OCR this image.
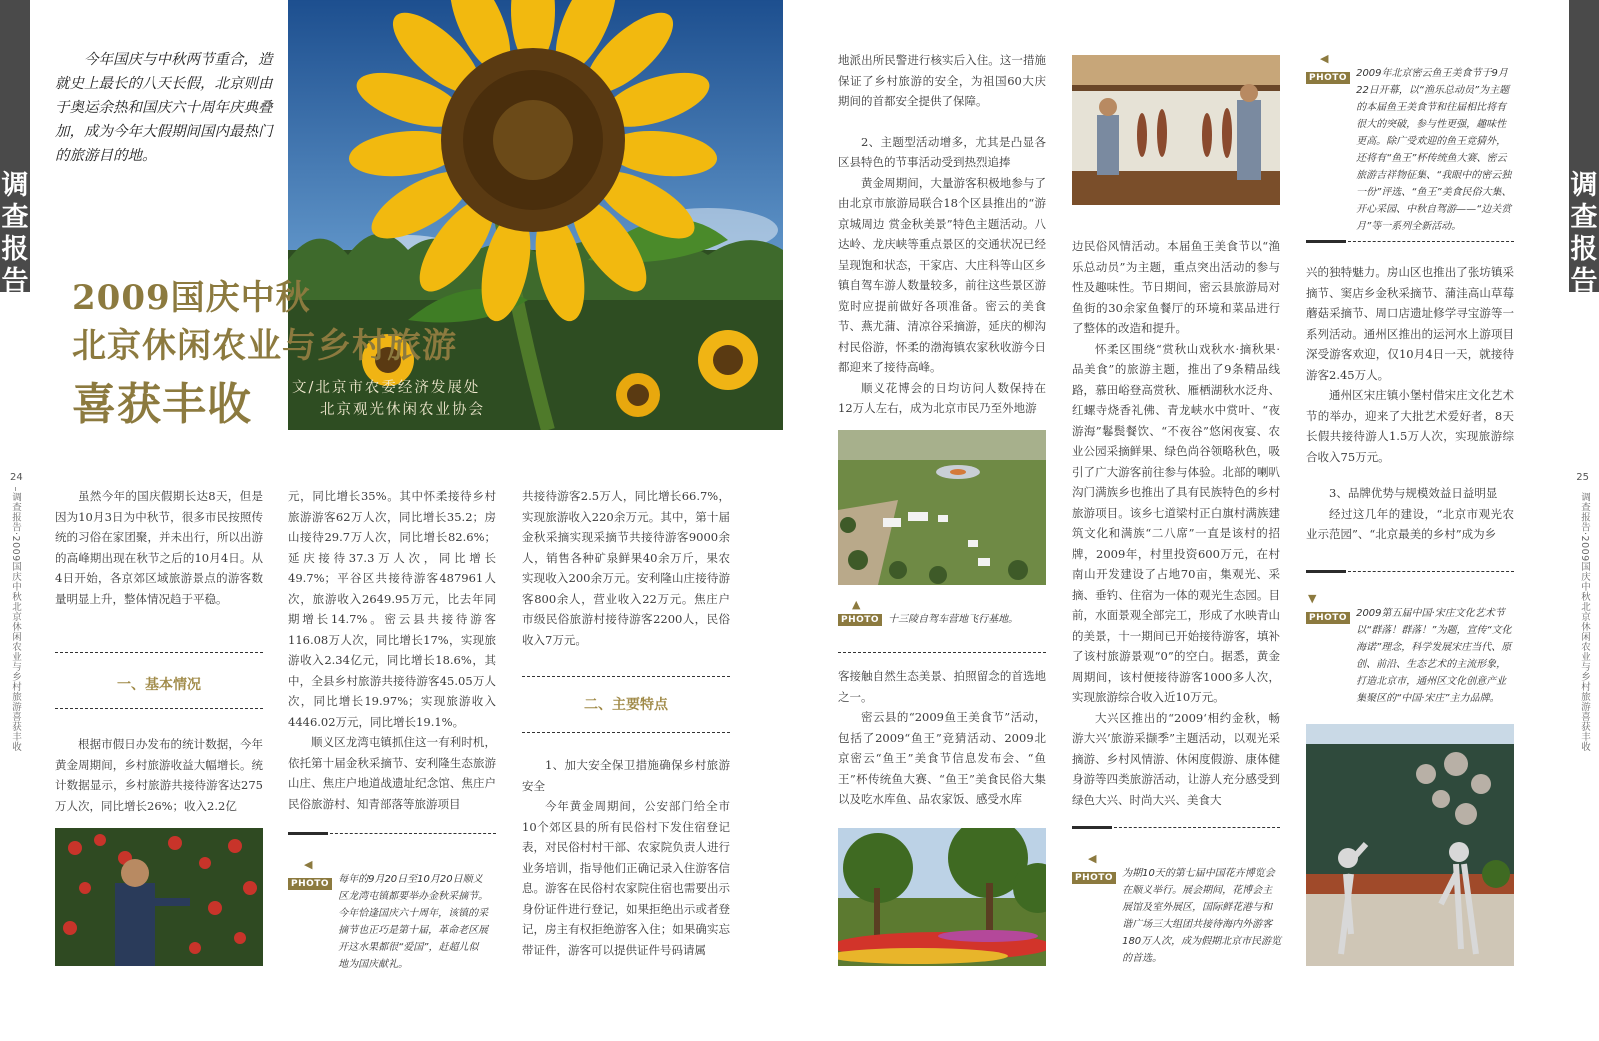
调
查
报
告
调
查
报
告
今年国庆与中秋两节重合，造就史上最长的八天长假，北京则由于奥运余热和国庆六十周年庆典叠加，成为今年大假期间国内最热门的旅游目的地。
2009国庆中秋
北京休闲农业与乡村旅游
喜获丰收	文/北京市农委经济发展处
北京观光休闲农业协会
24
调查报告·2009国庆中秋北京休闲农业与乡村旅游喜获丰收
25
调查报告·2009国庆中秋北京休闲农业与乡村旅游喜获丰收

虽然今年的国庆假期长达8天，但是因为10月3日为中秋节，很多市民按照传统的习俗在家团聚，并未出行，所以出游的高峰期出现在秋节之后的10月4日。从4日开始，各京郊区域旅游景点的游客数量明显上升，整体情况趋于平稳。

一、基本情况

根据市假日办发布的统计数据，今年黄金周期间，乡村旅游收益大幅增长。统计数据显示，乡村旅游共接待游客达275万人次，同比增长26%；收入2.2亿

元，同比增长35%。其中怀柔接待乡村旅游游客62万人次，同比增长35.2；房山接待29.7万人次，同比增长82.6%；延庆接待37.3万人次，同比增长49.7%；平谷区共接待游客487961人次，旅游收入2649.95万元，比去年同期增长14.7%。密云县共接待游客116.08万人次，同比增长17%，实现旅游收入2.34亿元，同比增长18.6%，其中，全县乡村旅游共接待游客45.05万人次，同比增长19.97%；实现旅游收入4446.02万元，同比增长19.1%。

顺义区龙湾屯镇抓住这一有利时机，依托第十届金秋采摘节、安利隆生态旅游山庄、焦庄户地道战遗址纪念馆、焦庄户民俗旅游村、知青部落等旅游项目

◀
PHOTO 每年的9月20日至10月20日顺义区龙湾屯镇都要举办金秋采摘节。今年恰逢国庆六十周年，该镇的采摘节也正巧是第十届，革命老区展开这水果都很“爱国”，赶超儿似地为国庆献礼。

共接待游客2.5万人，同比增长66.7%，实现旅游收入220余万元。其中，第十届金秋采摘实现采摘节共接待游客9000余人，销售各种矿泉鲜果40余万斤，果农实现收入200余万元。安利隆山庄接待游客800余人，营业收入22万元。焦庄户市级民俗旅游村接待游客2200人，民俗收入7万元。

二、主要特点

1、加大安全保卫措施确保乡村旅游安全

今年黄金周期间，公安部门给全市10个郊区县的所有民俗村下发住宿登记表，对民俗村村干部、农家院负责人进行业务培训，指导他们正确记录入住游客信息。游客在民俗村农家院住宿也需要出示身份证件进行登记，如果拒绝出示或者登记，房主有权拒绝游客入住；如果确实忘带证件，游客可以提供证件号码请属

地派出所民警进行核实后入住。这一措施保证了乡村旅游的安全，为祖国60大庆期间的首都安全提供了保障。

2、主题型活动增多，尤其是凸显各区县特色的节事活动受到热烈追捧

黄金周期间，大量游客积极地参与了由北京市旅游局联合18个区县推出的“游京城周边 赏金秋美景”特色主题活动。八达岭、龙庆峡等重点景区的交通状况已经呈现饱和状态，干家店、大庄科等山区乡镇自驾车游人数量较多，前往这些景区游览时应提前做好各项准备。密云的美食节、燕尤蒲、清凉谷采摘游，延庆的柳沟村民俗游，怀柔的渤海镇农家秋收游今日都迎来了接待高峰。

顺义花博会的日均访问人数保持在12万人左右，成为北京市民乃至外地游

▲
PHOTO 十三陵自驾车营地飞行基地。

客接触自然生态美景、拍照留念的首选地之一。

密云县的“2009鱼王美食节”活动，包括了2009“鱼王”竞猜活动、2009北京密云“鱼王”美食节信息发布会、“鱼王”杯传统鱼大赛、“鱼王”美食民俗大集以及吃水库鱼、品农家饭、感受水库

边民俗风情活动。本届鱼王美食节以“渔乐总动员”为主题，重点突出活动的参与性及趣味性。节日期间，密云县旅游局对鱼街的30余家鱼餐厅的环境和菜品进行了整体的改造和提升。

怀柔区围绕“赏秋山戏秋水·摘秋果·品美食”的旅游主题，推出了9条精品线路，慕田峪登高赏秋、雁栖湖秋水泛舟、红螺寺烧香礼佛、青龙峡水中赏叶、“夜游海”鬈鬓餐饮、“不夜谷”悠闲夜宴、农业公园采摘鲜果、绿色尚谷领略秋色，吸引了广大游客前往参与体验。北部的喇叭沟门满族乡也推出了具有民族特色的乡村旅游项目。该乡七道梁村正白旗村满族建筑文化和满族“二八席”一直是该村的招牌，2009年，村里投资600万元，在村南山开发建设了占地70亩，集观光、采摘、垂钓、住宿为一体的观光生态园。目前，水面景观全部完工，形成了水映青山的美景，十一期间已开始接待游客，填补了该村旅游景观“0”的空白。据悉，黄金周期间，该村便接待游客1000多人次，实现旅游综合收入近10万元。

大兴区推出的“2009‘相约金秋，畅游大兴’旅游采撷季”主题活动，以观光采摘游、乡村风情游、休闲度假游、康体健身游等四类旅游活动，让游人充分感受到绿色大兴、时尚大兴、美食大

◀
PHOTO 为期10天的第七届中国花卉博览会在顺义举行。展会期间，花博会主展馆及室外展区，国际鲜花港与和谐广场三大组团共接待海内外游客180万人次，成为假期北京市民游览的首选。
◀
PHOTO 2009年北京密云鱼王美食节于9月22日开幕，以“渔乐总动员”为主题的本届鱼王美食节和往届相比将有很大的突破，参与性更强，趣味性更高。除广受欢迎的鱼王竞猜外，还将有“鱼王”杯传统鱼大赛、密云旅游吉祥物征集、“我眼中的密云独一份”评选、“鱼王”美食民俗大集、开心采园、中秋自驾游——“边关赏月”等一系列全新活动。

兴的独特魅力。房山区也推出了张坊镇采摘节、窦店乡金秋采摘节、蒲洼高山草莓蘑菇采摘节、周口店遗址修学寻宝游等一系列活动。通州区推出的运河水上游项目深受游客欢迎，仅10月4日一天，就接待游客2.45万人。

通州区宋庄镇小堡村借宋庄文化艺术节的举办，迎来了大批艺术爱好者，8天长假共接待游人1.5万人次，实现旅游综合收入75万元。

3、品牌优势与规模效益日益明显

经过这几年的建设，“北京市观光农业示范园”、“北京最美的乡村”成为乡

▼
PHOTO 2009第五届中国·宋庄文化艺术节以“群落！群落！”为题，宣传“文化海诺”理念，科学发展宋庄当代、原创、前沿、生态艺术的主流形象，打造北京市，通州区文化创意产业集聚区的“中国·宋庄”主力品牌。
